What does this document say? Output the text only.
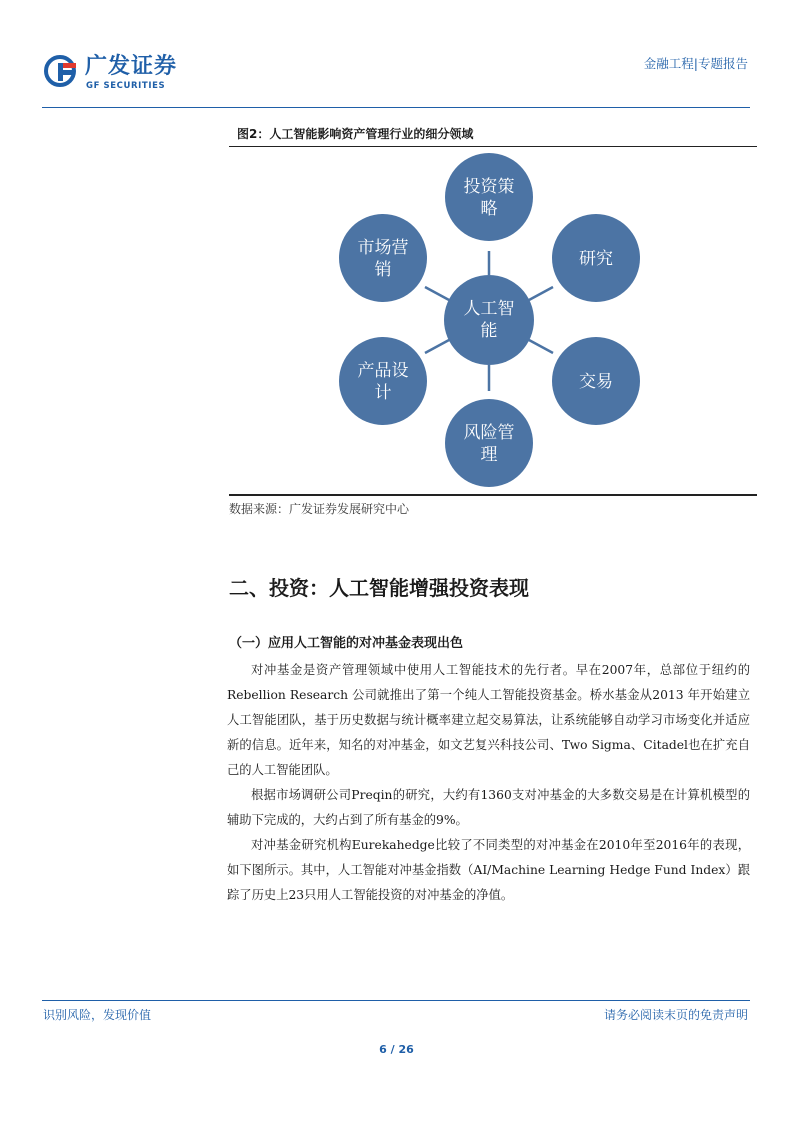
广发证券
GF SECURITIES
金融工程|专题报告
图2：人工智能影响资产管理行业的细分领域
人工智
能
投资策
略
研究
交易
风险管
理
产品设
计
市场营
销
数据来源：广发证券发展研究中心
二、投资：人工智能增强投资表现
（一）应用人工智能的对冲基金表现出色
对冲基金是资产管理领域中使用人工智能技术的先行者。早在2007年，总部位于纽约的 Rebellion Research 公司就推出了第一个纯人工智能投资基金。桥水基金从2013 年开始建立人工智能团队，基于历史数据与统计概率建立起交易算法，让系统能够自动学习市场变化并适应新的信息。近年来，知名的对冲基金，如文艺复兴科技公司、Two Sigma、Citadel也在扩充自己的人工智能团队。
根据市场调研公司Preqin的研究，大约有1360支对冲基金的大多数交易是在计算机模型的辅助下完成的，大约占到了所有基金的9%。
对冲基金研究机构Eurekahedge比较了不同类型的对冲基金在2010年至2016年的表现，如下图所示。其中，人工智能对冲基金指数（AI/Machine Learning Hedge Fund Index）跟踪了历史上23只用人工智能投资的对冲基金的净值。
识别风险，发现价值	请务必阅读末页的免责声明
6 / 26
